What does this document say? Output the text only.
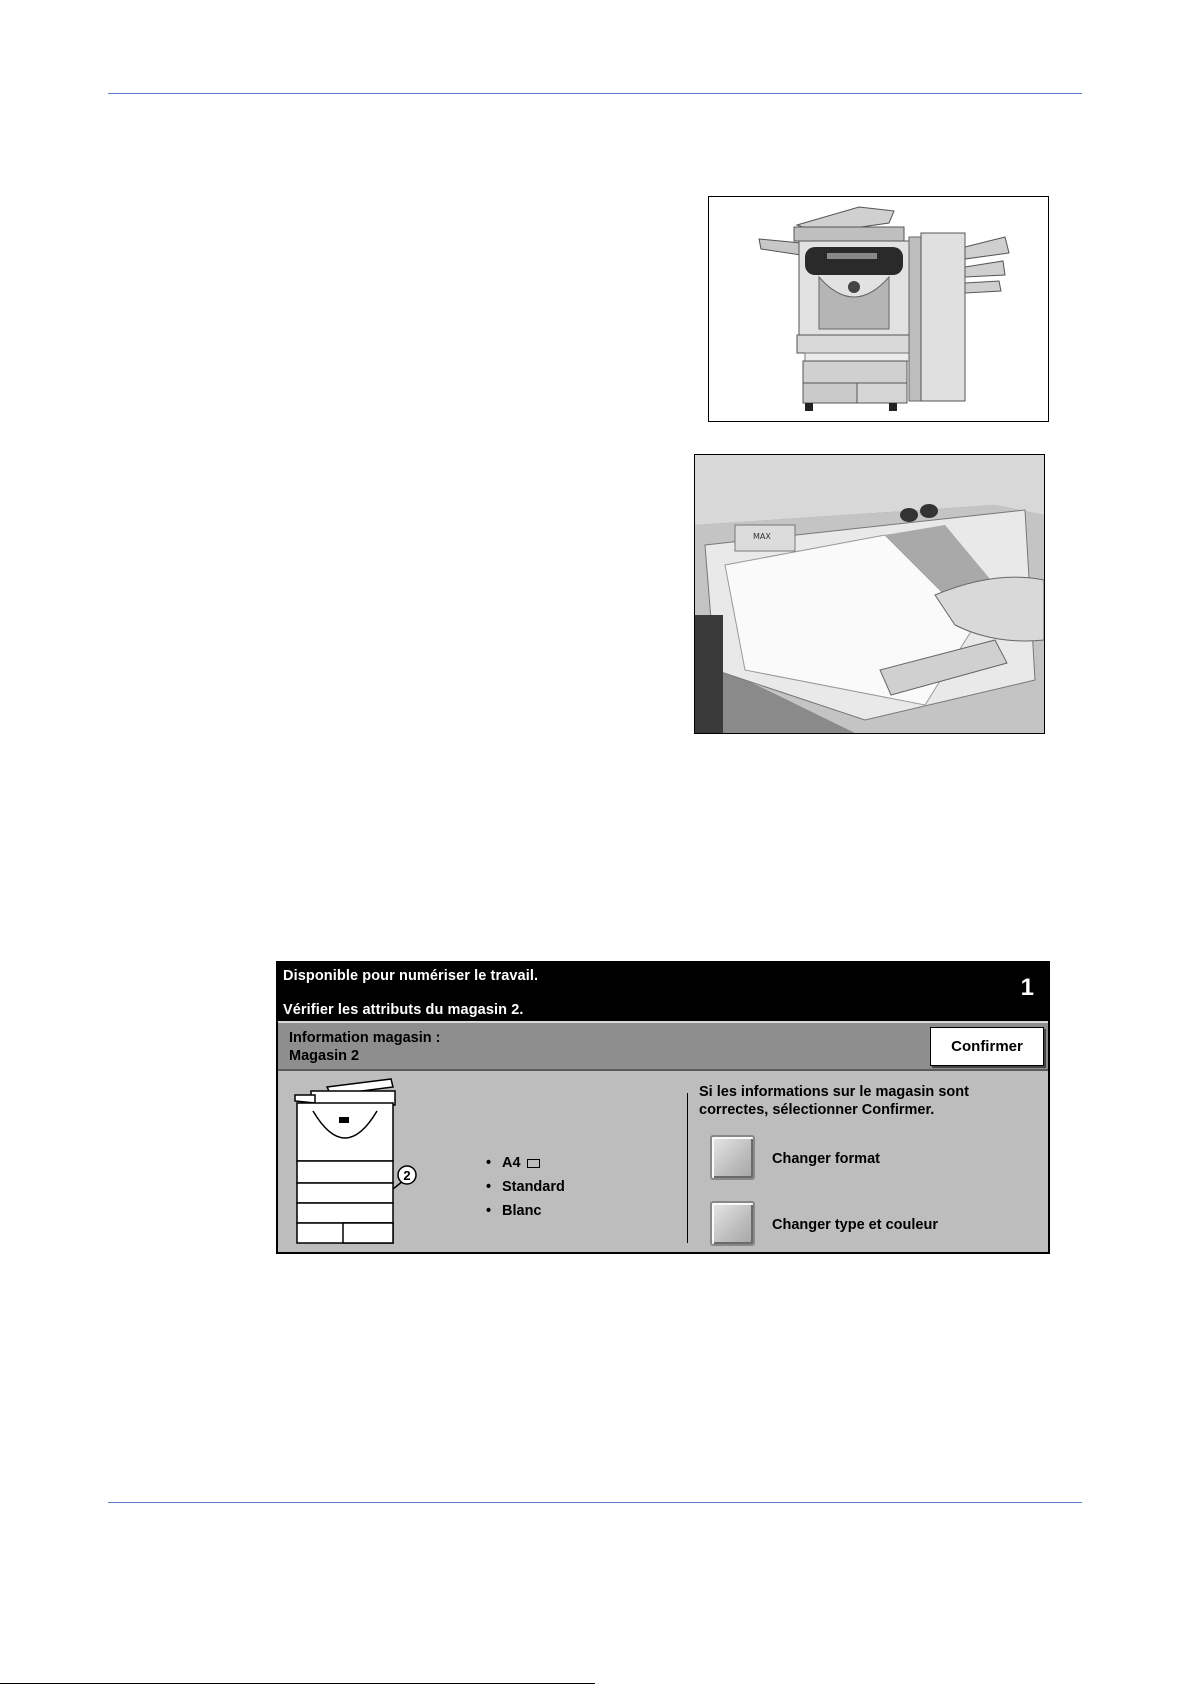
MAX
Disponible pour numériser le travail.
Vérifier les attributs du magasin 2.
1
Information magasin :
Magasin 2
Confirmer
2
• A4
• Standard
• Blanc
Si les informations sur le magasin sont correctes, sélectionner Confirmer.
Changer format
Changer type et couleur
